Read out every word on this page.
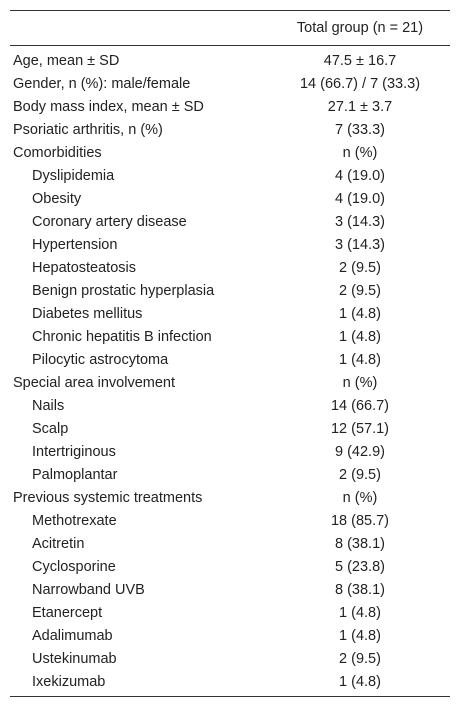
	Total group (n = 21)
Age, mean ± SD	47.5 ± 16.7
Gender, n (%): male/female	14 (66.7) / 7 (33.3)
Body mass index, mean ± SD	27.1 ± 3.7
Psoriatic arthritis, n (%)	7 (33.3)
Comorbidities	n (%)
Dyslipidemia	4 (19.0)
Obesity	4 (19.0)
Coronary artery disease	3 (14.3)
Hypertension	3 (14.3)
Hepatosteatosis	2 (9.5)
Benign prostatic hyperplasia	2 (9.5)
Diabetes mellitus	1 (4.8)
Chronic hepatitis B infection	1 (4.8)
Pilocytic astrocytoma	1 (4.8)
Special area involvement	n (%)
Nails	14 (66.7)
Scalp	12 (57.1)
Intertriginous	9 (42.9)
Palmoplantar	2 (9.5)
Previous systemic treatments	n (%)
Methotrexate	18 (85.7)
Acitretin	8 (38.1)
Cyclosporine	5 (23.8)
Narrowband UVB	8 (38.1)
Etanercept	1 (4.8)
Adalimumab	1 (4.8)
Ustekinumab	2 (9.5)
Ixekizumab	1 (4.8)
